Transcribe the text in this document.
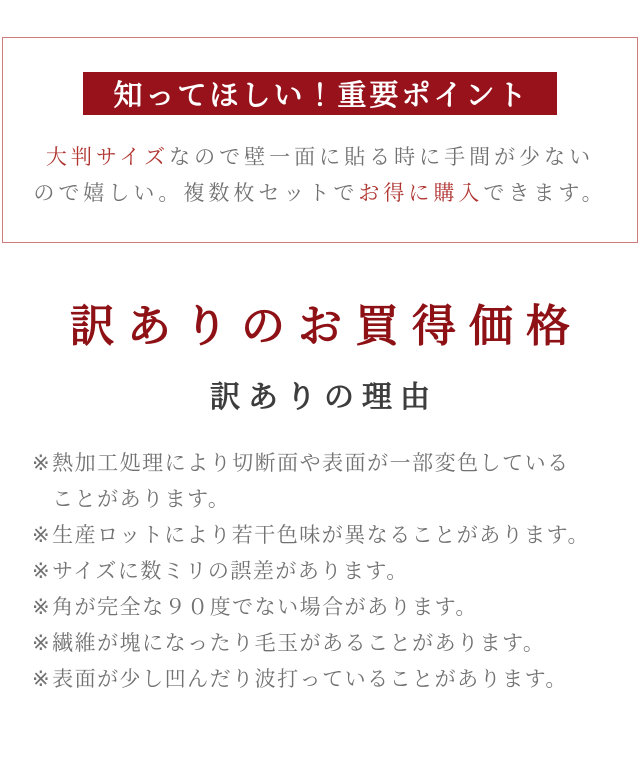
知ってほしい！重要ポイント

大判サイズなので壁一面に貼る時に手間が少ない
ので嬉しい。複数枚セットでお得に購入できます。

訳ありのお買得価格
訳ありの理由
※ 熱加工処理により切断面や表面が一部変色している
ことがあります。
※ 生産ロットにより若干色味が異なることがあります。
※ サイズに数ミリの誤差があります。
※ 角が完全な９０度でない場合があります。
※ 繊維が塊になったり毛玉があることがあります。
※ 表面が少し凹んだり波打っていることがあります。
